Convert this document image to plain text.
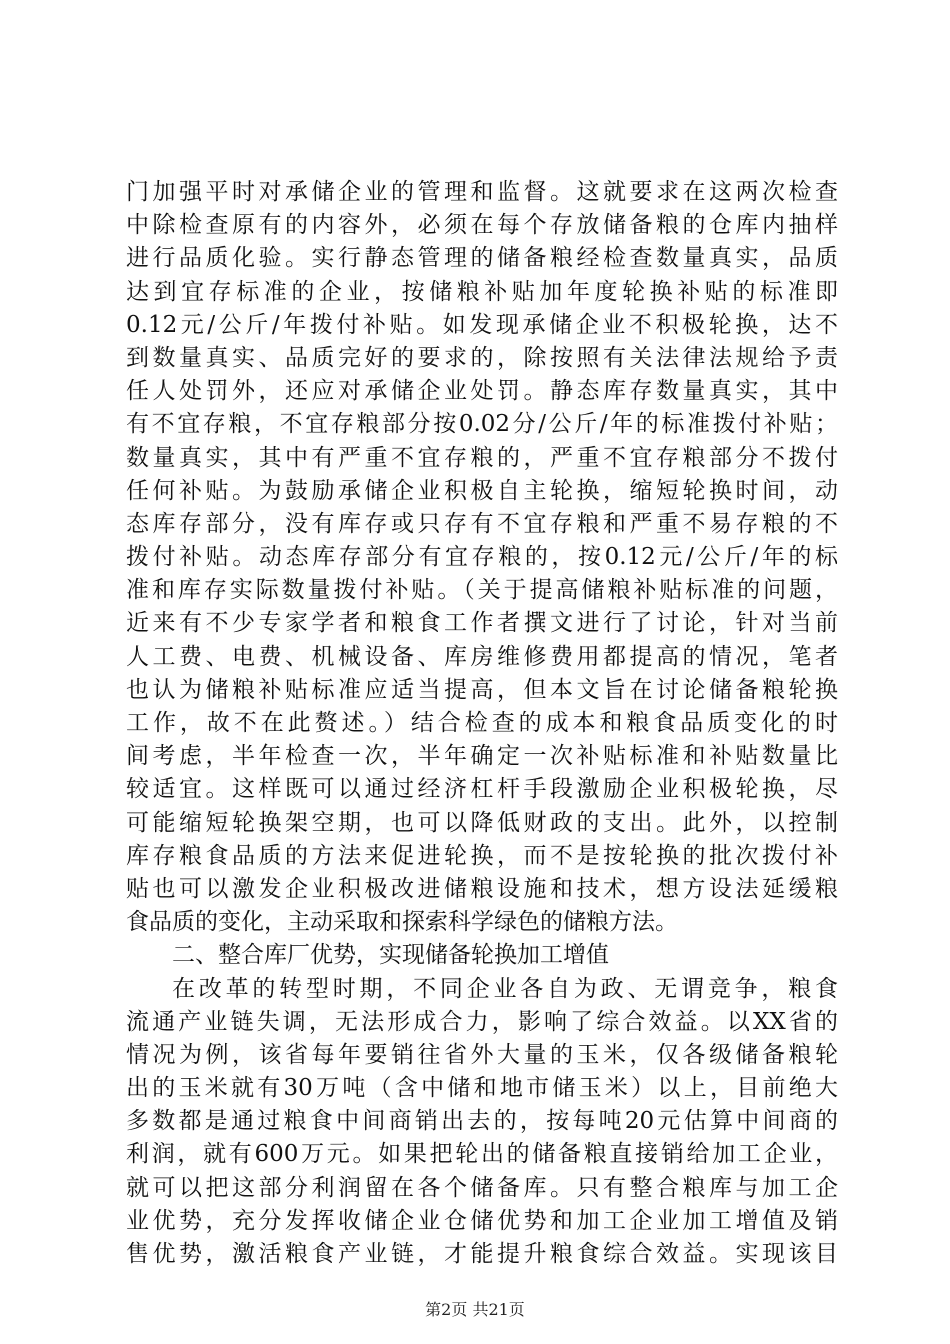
门加强平时对承储企业的管理和监督。这就要求在这两次检查
中除检查原有的内容外，必须在每个存放储备粮的仓库内抽样
进行品质化验。实行静态管理的储备粮经检查数量真实，品质
达到宜存标准的企业，按储粮补贴加年度轮换补贴的标准即
0.12元/公斤/年拨付补贴。如发现承储企业不积极轮换，达不
到数量真实、品质完好的要求的，除按照有关法律法规给予责
任人处罚外，还应对承储企业处罚。静态库存数量真实，其中
有不宜存粮，不宜存粮部分按0.02分/公斤/年的标准拨付补贴；
数量真实，其中有严重不宜存粮的，严重不宜存粮部分不拨付
任何补贴。为鼓励承储企业积极自主轮换，缩短轮换时间，动
态库存部分，没有库存或只存有不宜存粮和严重不易存粮的不
拨付补贴。动态库存部分有宜存粮的，按0.12元/公斤/年的标
准和库存实际数量拨付补贴。（关于提高储粮补贴标准的问题，
近来有不少专家学者和粮食工作者撰文进行了讨论，针对当前
人工费、电费、机械设备、库房维修费用都提高的情况，笔者
也认为储粮补贴标准应适当提高，但本文旨在讨论储备粮轮换
工作，故不在此赘述。）结合检查的成本和粮食品质变化的时
间考虑，半年检查一次，半年确定一次补贴标准和补贴数量比
较适宜。这样既可以通过经济杠杆手段激励企业积极轮换，尽
可能缩短轮换架空期，也可以降低财政的支出。此外，以控制
库存粮食品质的方法来促进轮换，而不是按轮换的批次拨付补
贴也可以激发企业积极改进储粮设施和技术，想方设法延缓粮
食品质的变化，主动采取和探索科学绿色的储粮方法。
二、整合库厂优势，实现储备轮换加工增值
在改革的转型时期，不同企业各自为政、无谓竞争，粮食
流通产业链失调，无法形成合力，影响了综合效益。以XX省的
情况为例，该省每年要销往省外大量的玉米，仅各级储备粮轮
出的玉米就有30万吨（含中储和地市储玉米）以上，目前绝大
多数都是通过粮食中间商销出去的，按每吨20元估算中间商的
利润，就有600万元。如果把轮出的储备粮直接销给加工企业，
就可以把这部分利润留在各个储备库。只有整合粮库与加工企
业优势，充分发挥收储企业仓储优势和加工企业加工增值及销
售优势，激活粮食产业链，才能提升粮食综合效益。实现该目
第2页 共21页
